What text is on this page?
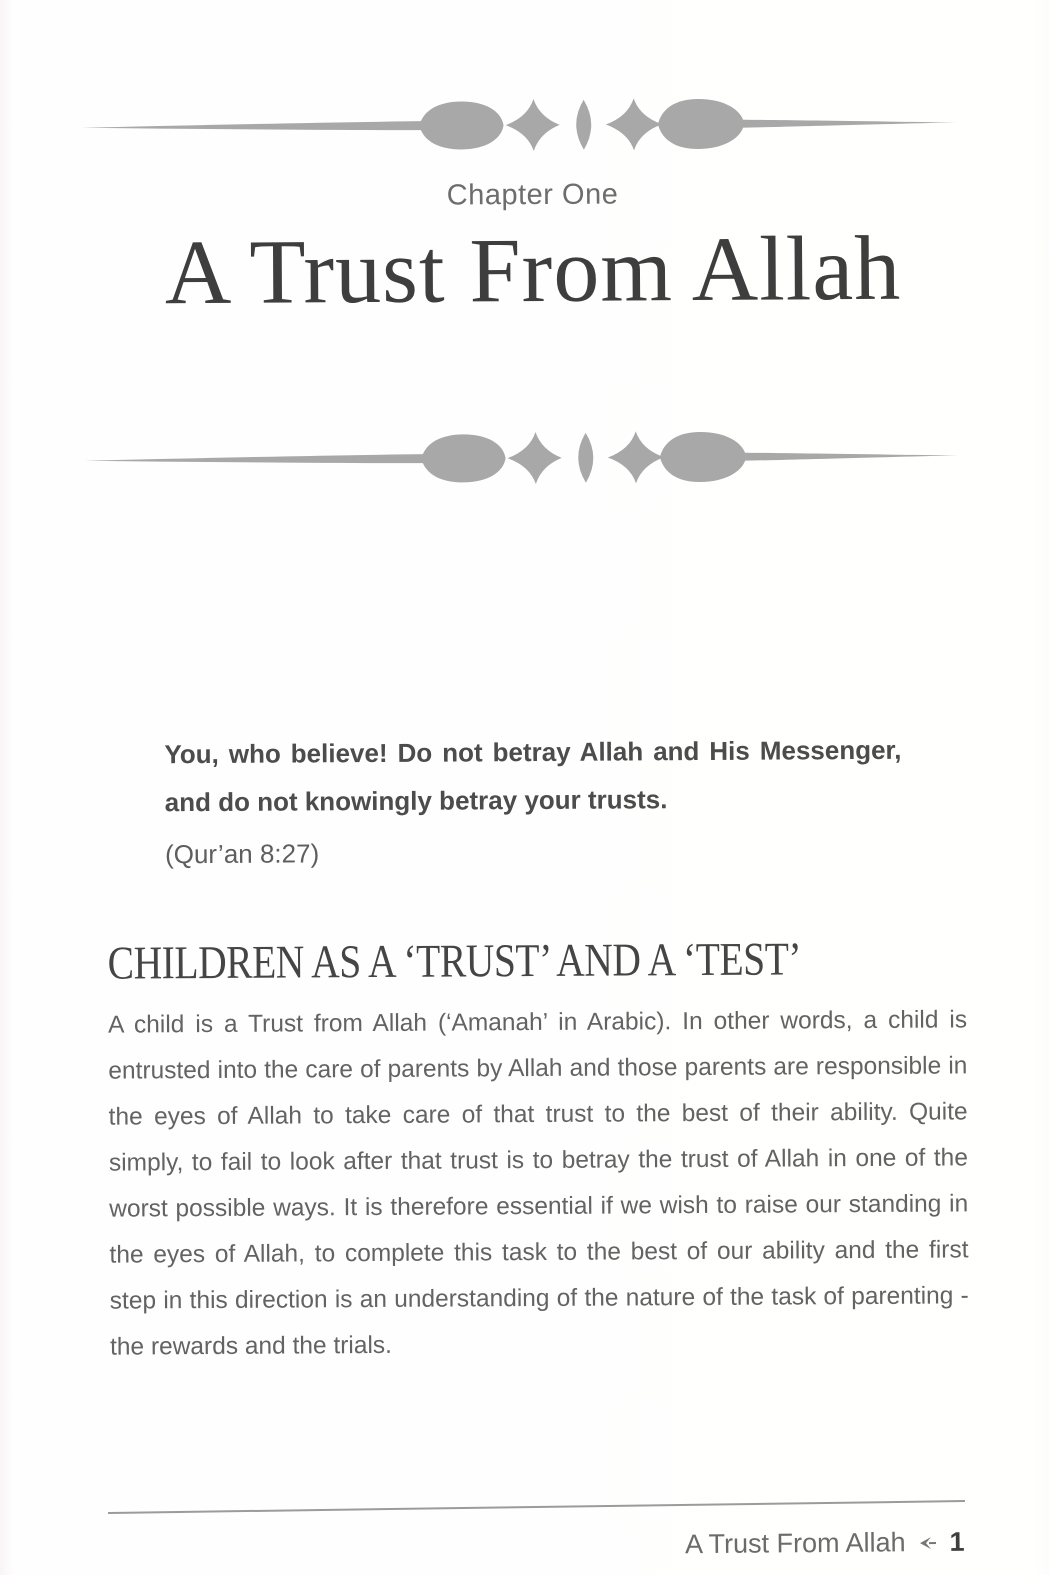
Chapter One
A Trust From Allah

You, who believe! Do not betray Allah and His Messenger, and do not knowingly betray your trusts.

(Qur’an 8:27)

CHILDREN AS A ‘TRUST’ AND A ‘TEST’

A child is a Trust from Allah (‘Amanah’ in Arabic). In other words, a child is entrusted into the care of parents by Allah and those parents are responsible in the eyes of Allah to take care of that trust to the best of their ability. Quite simply, to fail to look after that trust is to betray the trust of Allah in one of the worst possible ways. It is therefore essential if we wish to raise our standing in the eyes of Allah, to complete this task to the best of our ability and the first step in this direction is an understanding of the nature of the task of parenting - the rewards and the trials.

A Trust From Allah 1
